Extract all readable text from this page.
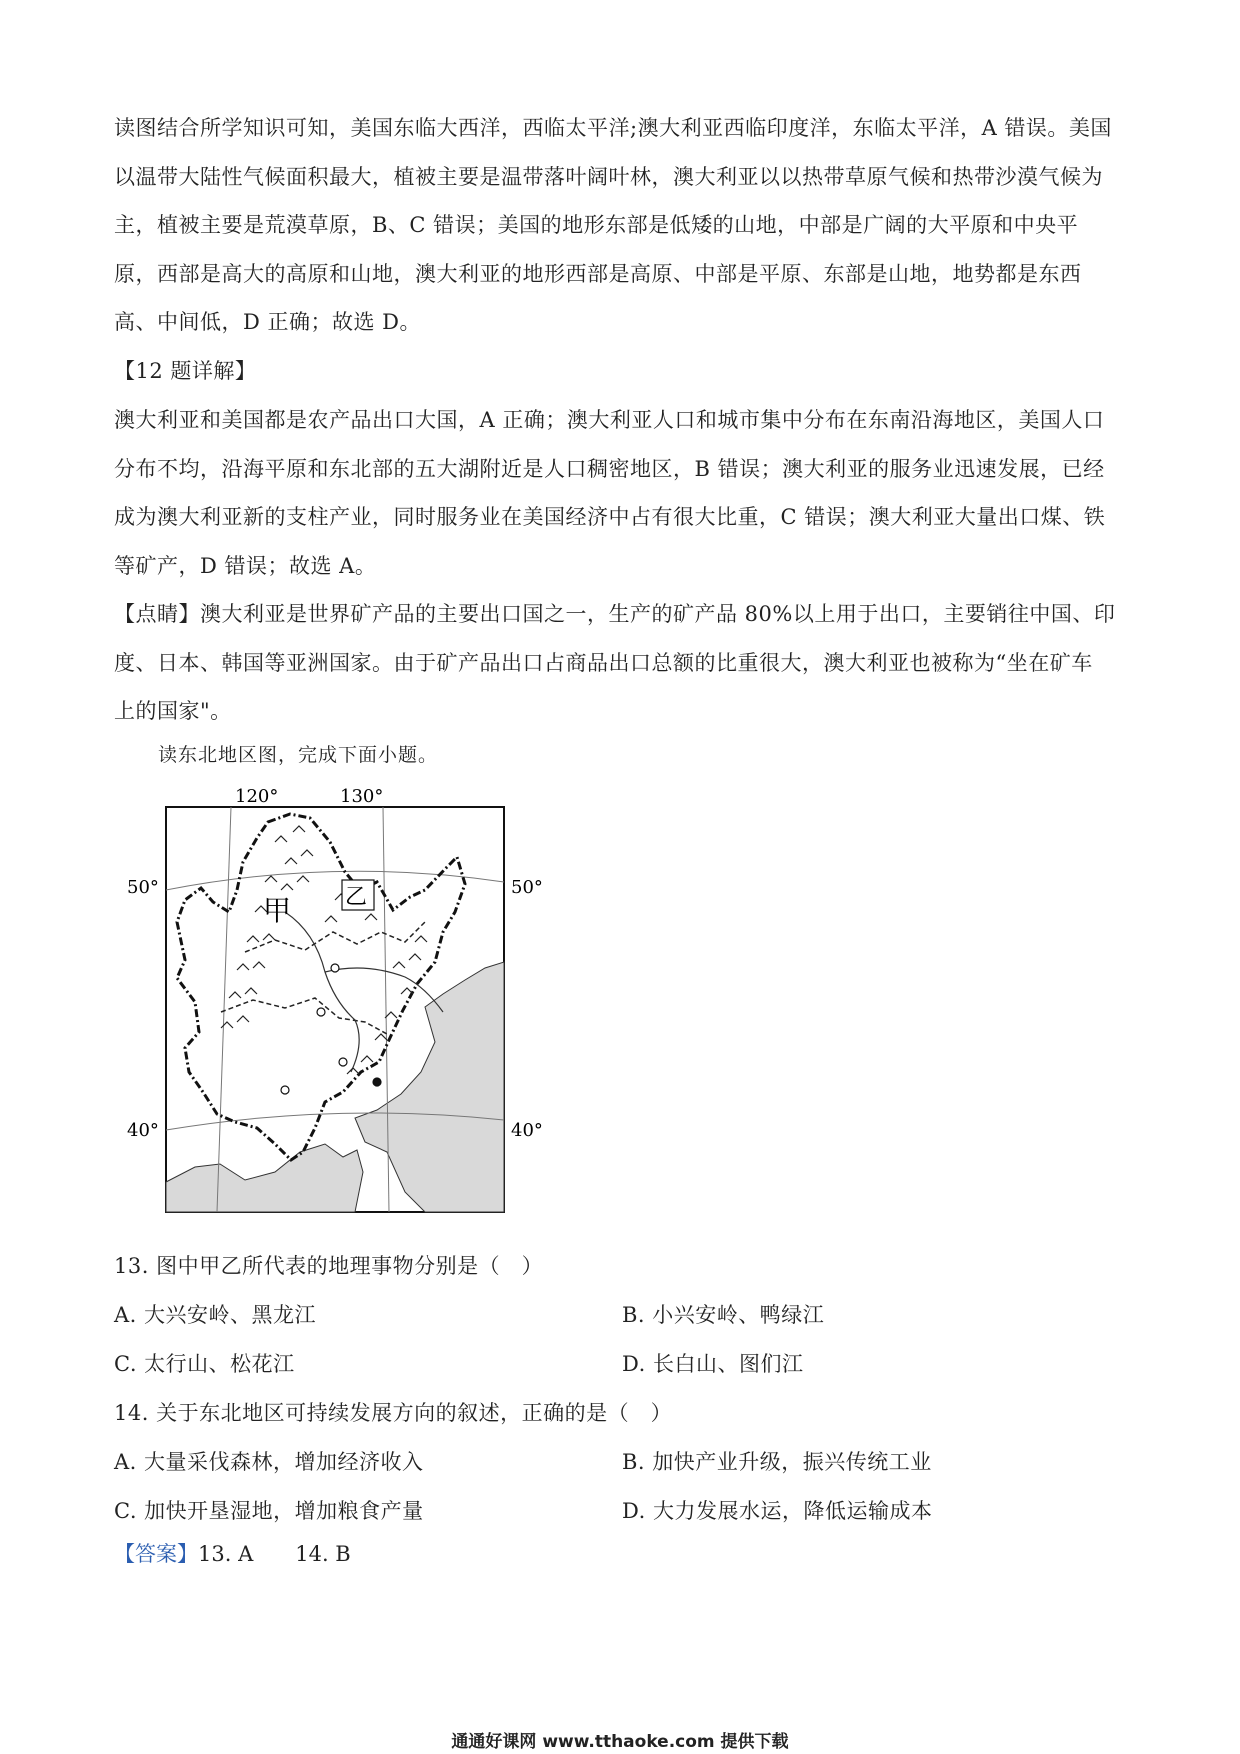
读图结合所学知识可知，美国东临大西洋，西临太平洋;澳大利亚西临印度洋，东临太平洋，A 错误。美国
以温带大陆性气候面积最大，植被主要是温带落叶阔叶林，澳大利亚以以热带草原气候和热带沙漠气候为
主，植被主要是荒漠草原，B、C 错误；美国的地形东部是低矮的山地，中部是广阔的大平原和中央平
原，西部是高大的高原和山地，澳大利亚的地形西部是高原、中部是平原、东部是山地，地势都是东西
高、中间低，D 正确；故选 D。
【12 题详解】
澳大利亚和美国都是农产品出口大国，A 正确；澳大利亚人口和城市集中分布在东南沿海地区，美国人口
分布不均，沿海平原和东北部的五大湖附近是人口稠密地区，B 错误；澳大利亚的服务业迅速发展，已经
成为澳大利亚新的支柱产业，同时服务业在美国经济中占有很大比重，C 错误；澳大利亚大量出口煤、铁
等矿产，D 错误；故选 A。
【点睛】澳大利亚是世界矿产品的主要出口国之一，生产的矿产品 80%以上用于出口，主要销往中国、印
度、日本、韩国等亚洲国家。由于矿产品出口占商品出口总额的比重很大，澳大利亚也被称为“坐在矿车
上的国家"。
读东北地区图，完成下面小题。
120°	130°
50°	50°
40°	40°
甲 乙
13. 图中甲乙所代表的地理事物分别是（　）
A. 大兴安岭、黑龙江	B. 小兴安岭、鸭绿江
C. 太行山、松花江	D. 长白山、图们江
14. 关于东北地区可持续发展方向的叙述，正确的是（　）
A. 大量采伐森林，增加经济收入	B. 加快产业升级，振兴传统工业
C. 加快开垦湿地，增加粮食产量	D. 大力发展水运，降低运输成本
【答案】13. A　　14. B
通通好课网 www.tthaoke.com 提供下载
